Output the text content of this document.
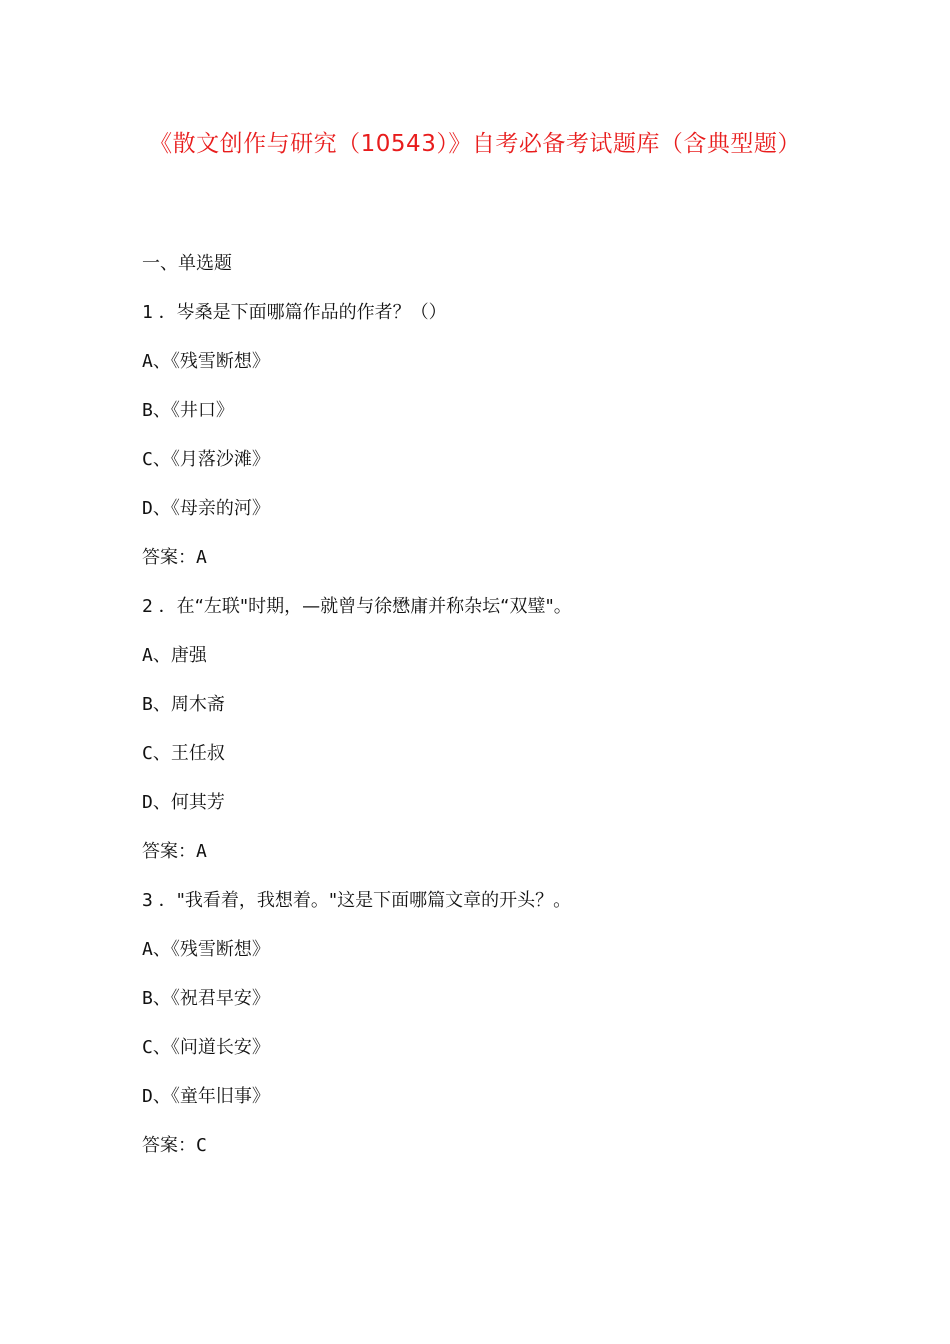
《散文创作与研究（10543）》自考必备考试题库（含典型题）
一、单选题
1 ．岑桑是下面哪篇作品的作者？（）
A、《残雪断想》
B、《井口》
C、《月落沙滩》
D、《母亲的河》
答案：A
2 ．在“左联"时期，—就曾与徐懋庸并称杂坛“双璧"。
A、唐强
B、周木斋
C、王任叔
D、何其芳
答案：A
3 ．"我看着，我想着。"这是下面哪篇文章的开头？。
A、《残雪断想》
B、《祝君早安》
C、《问道长安》
D、《童年旧事》
答案：C
